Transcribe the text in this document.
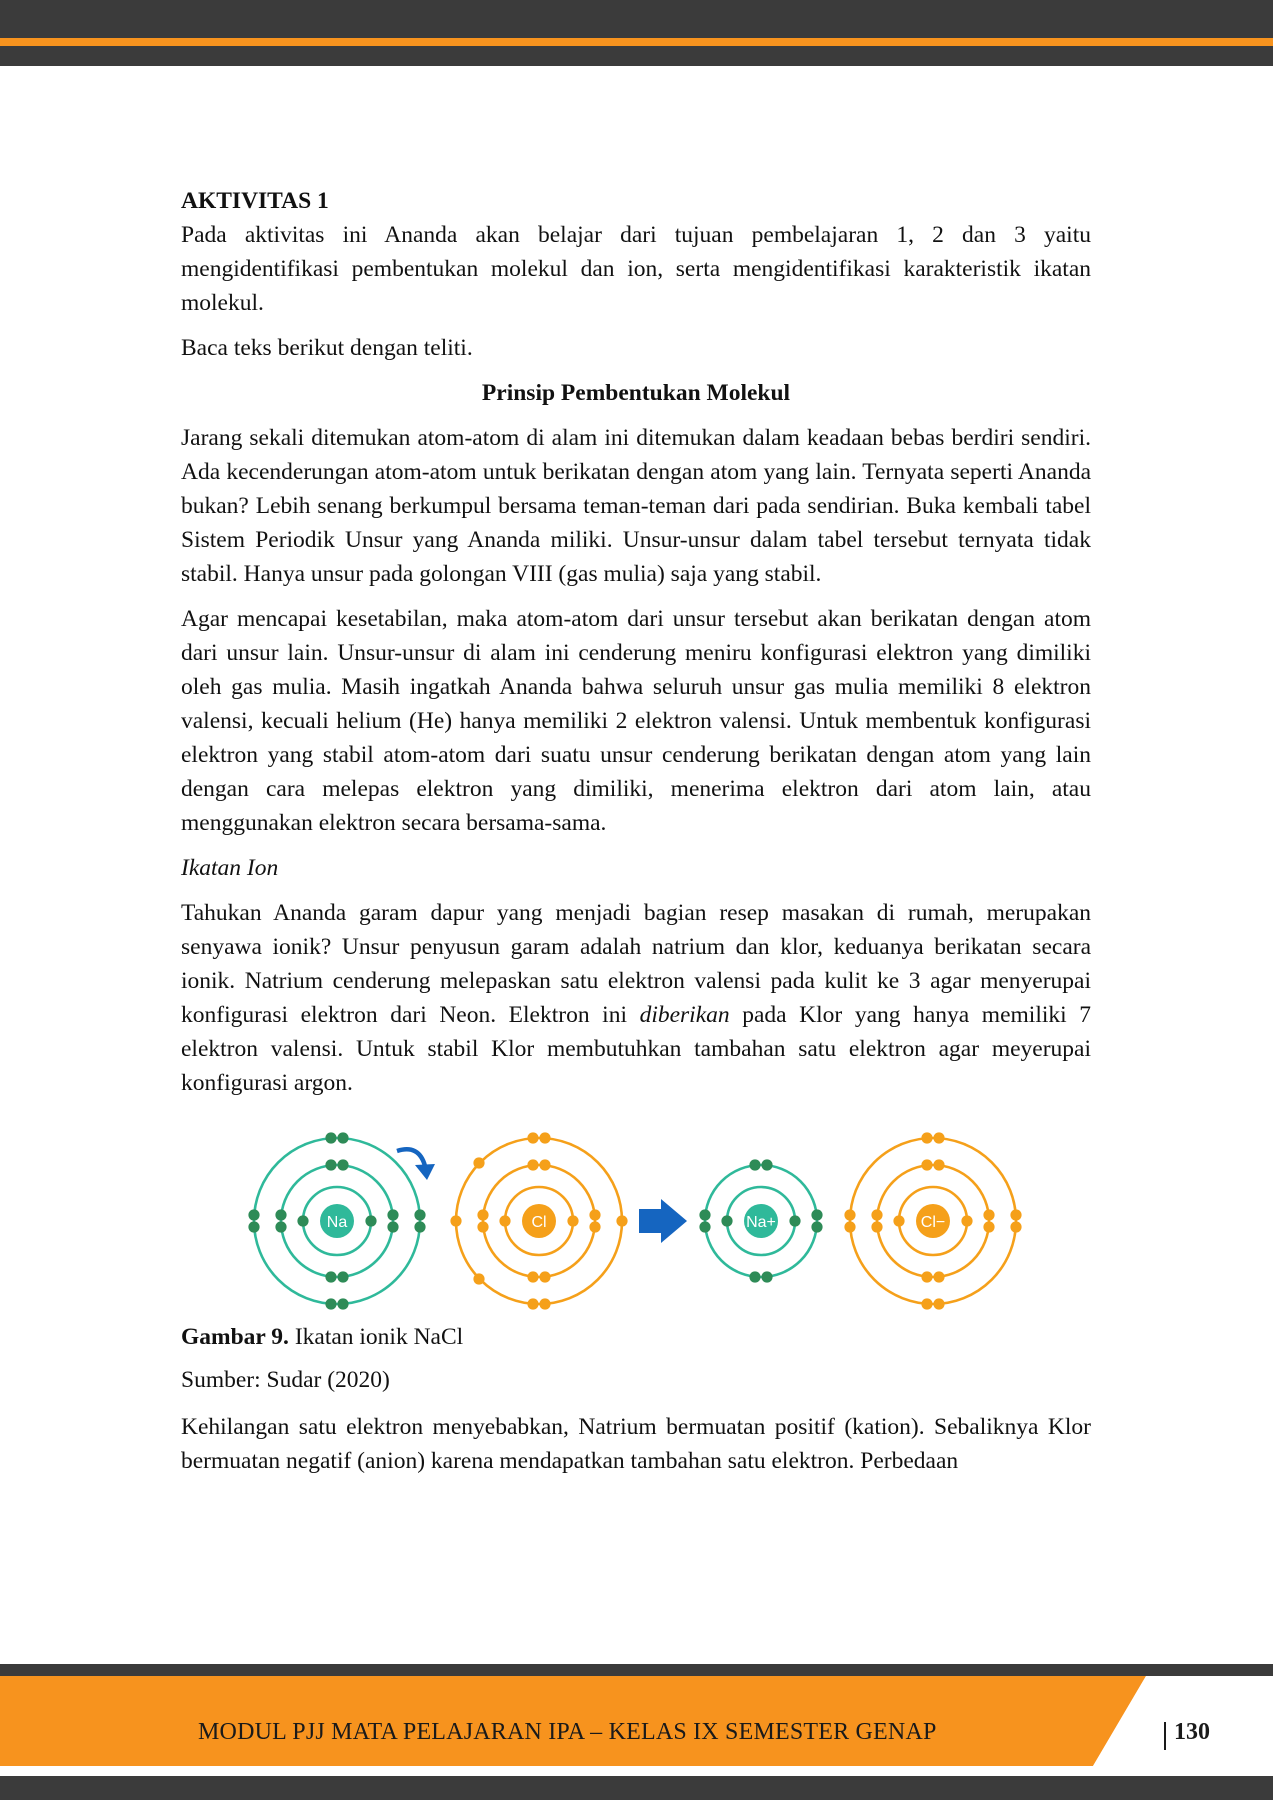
AKTIVITAS 1

Pada aktivitas ini Ananda akan belajar dari tujuan pembelajaran 1, 2 dan 3 yaitu mengidentifikasi pembentukan molekul dan ion, serta mengidentifikasi karakteristik ikatan molekul.

Baca teks berikut dengan teliti.

Prinsip Pembentukan Molekul

Jarang sekali ditemukan atom-atom di alam ini ditemukan dalam keadaan bebas berdiri sendiri. Ada kecenderungan atom-atom untuk berikatan dengan atom yang lain. Ternyata seperti Ananda bukan? Lebih senang berkumpul bersama teman-teman dari pada sendirian. Buka kembali tabel Sistem Periodik Unsur yang Ananda miliki. Unsur-unsur dalam tabel tersebut ternyata tidak stabil. Hanya unsur pada golongan VIII (gas mulia) saja yang stabil.

Agar mencapai kesetabilan, maka atom-atom dari unsur tersebut akan berikatan dengan atom dari unsur lain. Unsur-unsur di alam ini cenderung meniru konfigurasi elektron yang dimiliki oleh gas mulia. Masih ingatkah Ananda bahwa seluruh unsur gas mulia memiliki 8 elektron valensi, kecuali helium (He) hanya memiliki 2 elektron valensi. Untuk membentuk konfigurasi elektron yang stabil atom-atom dari suatu unsur cenderung berikatan dengan atom yang lain dengan cara melepas elektron yang dimiliki, menerima elektron dari atom lain, atau menggunakan elektron secara bersama-sama.

Ikatan Ion

Tahukan Ananda garam dapur yang menjadi bagian resep masakan di rumah, merupakan senyawa ionik? Unsur penyusun garam adalah natrium dan klor, keduanya berikatan secara ionik. Natrium cenderung melepaskan satu elektron valensi pada kulit ke 3 agar menyerupai konfigurasi elektron dari Neon. Elektron ini diberikan pada Klor yang hanya memiliki 7 elektron valensi. Untuk stabil Klor membutuhkan tambahan satu elektron agar meyerupai konfigurasi argon.

Na	Cl	Na+	Cl−

Gambar 9. Ikatan ionik NaCl

Sumber: Sudar (2020)

Kehilangan satu elektron menyebabkan, Natrium bermuatan positif (kation). Sebaliknya Klor bermuatan negatif (anion) karena mendapatkan tambahan satu elektron. Perbedaan

MODUL PJJ MATA PELAJARAN IPA – KELAS IX SEMESTER GENAP	130
